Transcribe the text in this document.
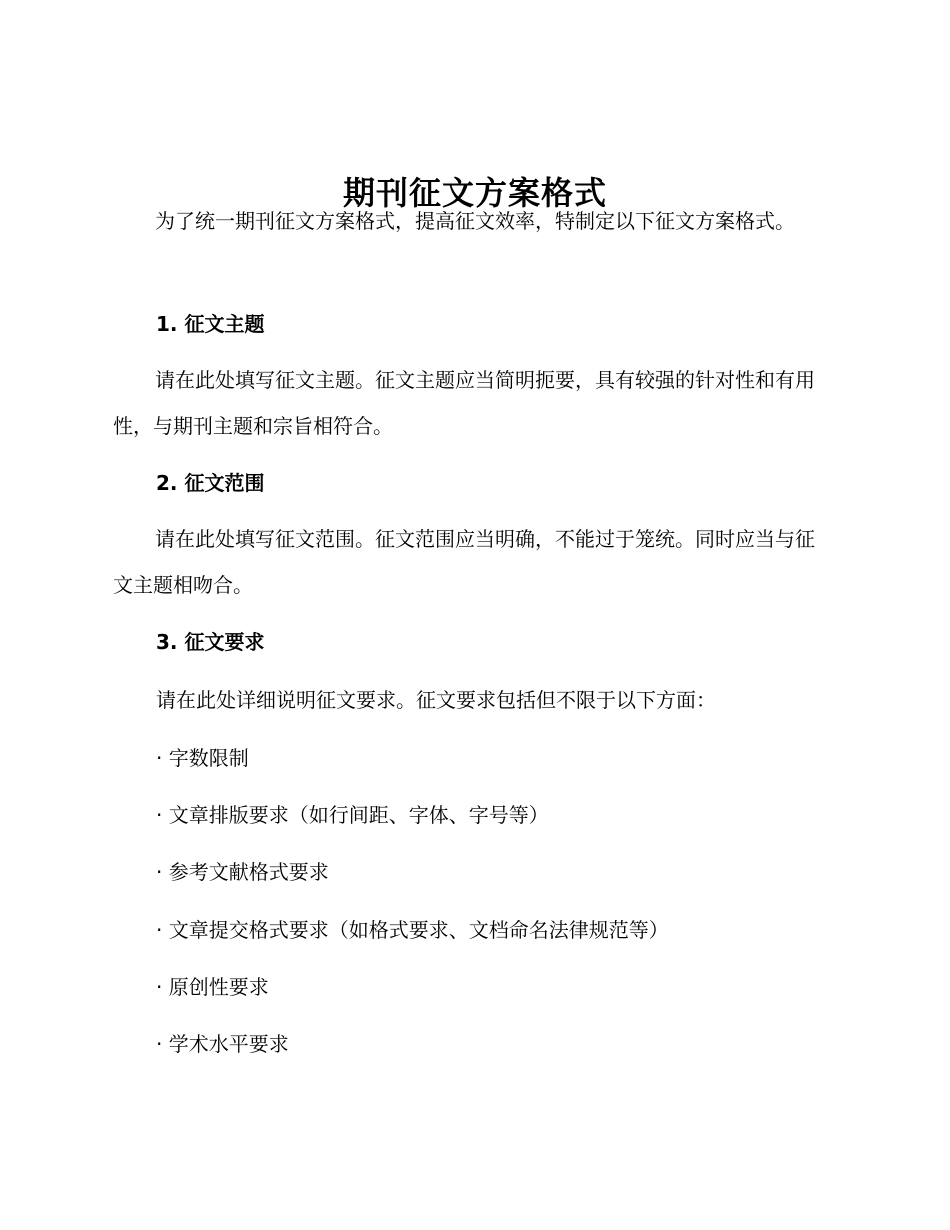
期刊征文方案格式

为了统一期刊征文方案格式，提高征文效率，特制定以下征文方案格式。

1. 征文主题

请在此处填写征文主题。征文主题应当简明扼要，具有较强的针对性和有用性，与期刊主题和宗旨相符合。

2. 征文范围

请在此处填写征文范围。征文范围应当明确，不能过于笼统。同时应当与征文主题相吻合。

3. 征文要求

请在此处详细说明征文要求。征文要求包括但不限于以下方面：

· 字数限制

· 文章排版要求（如行间距、字体、字号等）

· 参考文献格式要求

· 文章提交格式要求（如格式要求、文档命名法律规范等）

· 原创性要求

· 学术水平要求
